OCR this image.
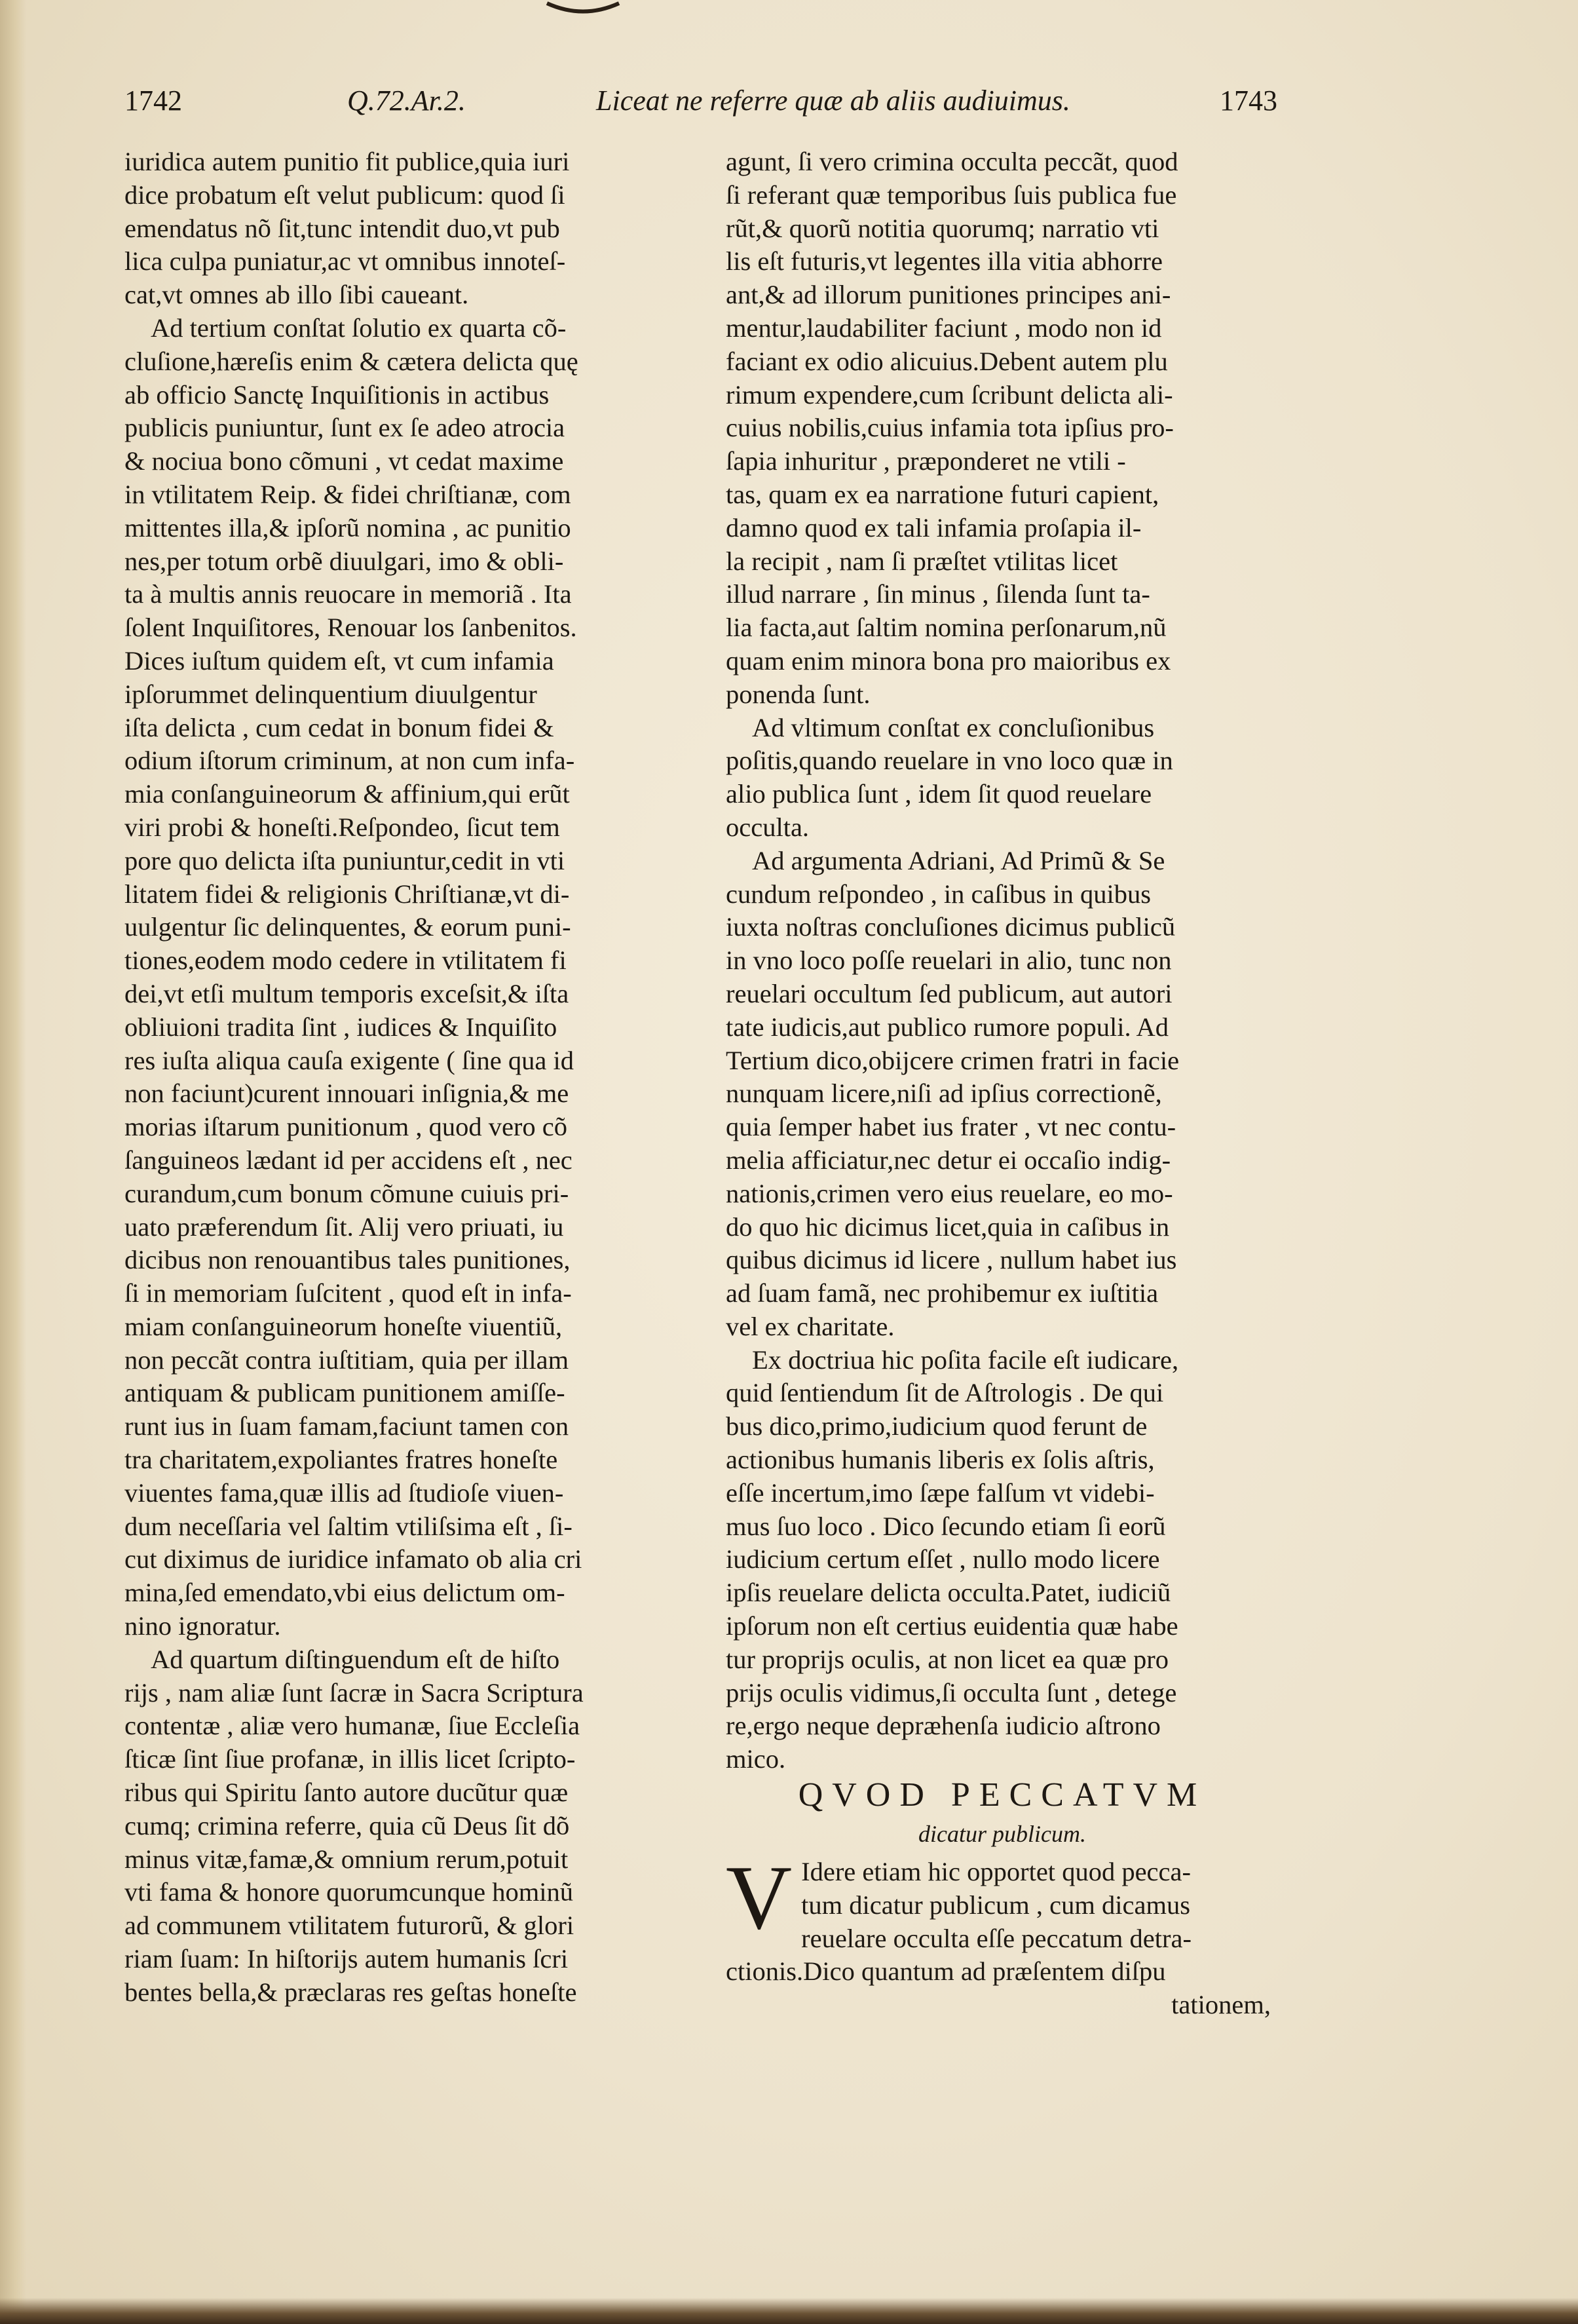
1742	Q.72.Ar.2.	Liceat ne referre quæ ab aliis audiuimus.	1743
iuridica autem punitio fit publice,quia iuri
dice probatum eſt velut publicum: quod ſi
emendatus nõ ſit,tunc intendit duo,vt pub
lica culpa puniatur,ac vt omnibus innoteſ-
cat,vt omnes ab illo ſibi caueant.
Ad tertium conſtat ſolutio ex quarta cõ-
cluſione,hæreſis enim & cætera delicta quę
ab officio Sanctę Inquiſitionis in actibus
publicis puniuntur, ſunt ex ſe adeo atrocia
& nociua bono cõmuni , vt cedat maxime
in vtilitatem Reip. & fidei chriſtianæ, com
mittentes illa,& ipſorũ nomina , ac punitio
nes,per totum orbẽ diuulgari, imo & obli-
ta à multis annis reuocare in memoriã . Ita
ſolent Inquiſitores, Renouar los ſanbenitos.
Dices iuſtum quidem eſt, vt cum infamia
ipſorummet delinquentium diuulgentur
iſta delicta , cum cedat in bonum fidei &
odium iſtorum criminum, at non cum infa-
mia conſanguineorum & affinium,qui erũt
viri probi & honeſti.Reſpondeo, ſicut tem
pore quo delicta iſta puniuntur,cedit in vti
litatem fidei & religionis Chriſtianæ,vt di-
uulgentur ſic delinquentes, & eorum puni-
tiones,eodem modo cedere in vtilitatem fi
dei,vt etſi multum temporis exceſsit,& iſta
obliuioni tradita ſint , iudices & Inquiſito
res iuſta aliqua cauſa exigente ( ſine qua id
non faciunt)curent innouari inſignia,& me
morias iſtarum punitionum , quod vero cõ
ſanguineos lædant id per accidens eſt , nec
curandum,cum bonum cõmune cuiuis pri-
uato præferendum ſit. Alij vero priuati, iu
dicibus non renouantibus tales punitiones,
ſi in memoriam ſuſcitent , quod eſt in infa-
miam conſanguineorum honeſte viuentiũ,
non peccãt contra iuſtitiam, quia per illam
antiquam & publicam punitionem amiſſe-
runt ius in ſuam famam,faciunt tamen con
tra charitatem,expoliantes fratres honeſte
viuentes fama,quæ illis ad ſtudioſe viuen-
dum neceſſaria vel ſaltim vtiliſsima eſt , ſi-
cut diximus de iuridice infamato ob alia cri
mina,ſed emendato,vbi eius delictum om-
nino ignoratur.
Ad quartum diſtinguendum eſt de hiſto
rijs , nam aliæ ſunt ſacræ in Sacra Scriptura
contentæ , aliæ vero humanæ, ſiue Eccleſia
ſticæ ſint ſiue profanæ, in illis licet ſcripto-
ribus qui Spiritu ſanto autore ducũtur quæ
cumq; crimina referre, quia cũ Deus ſit dõ
minus vitæ,famæ,& omnium rerum,potuit
vti fama & honore quorumcunque hominũ
ad communem vtilitatem futurorũ, & glori
riam ſuam: In hiſtorijs autem humanis ſcri
bentes bella,& præclaras res geſtas honeſte
agunt, ſi vero crimina occulta peccãt, quod
ſi referant quæ temporibus ſuis publica fue
rũt,& quorũ notitia quorumq; narratio vti
lis eſt futuris,vt legentes illa vitia abhorre
ant,& ad illorum punitiones principes ani-
mentur,laudabiliter faciunt , modo non id
faciant ex odio alicuius.Debent autem plu
rimum expendere,cum ſcribunt delicta ali-
cuius nobilis,cuius infamia tota ipſius pro-
ſapia inhuritur , præponderet ne vtili -
tas, quam ex ea narratione futuri capient,
damno quod ex tali infamia proſapia il-
la recipit , nam ſi præſtet vtilitas licet
illud narrare , ſin minus , ſilenda ſunt ta-
lia facta,aut ſaltim nomina perſonarum,nũ
quam enim minora bona pro maioribus ex
ponenda ſunt.
Ad vltimum conſtat ex concluſionibus
poſitis,quando reuelare in vno loco quæ in
alio publica ſunt , idem ſit quod reuelare
occulta.
Ad argumenta Adriani, Ad Primũ & Se
cundum reſpondeo , in caſibus in quibus
iuxta noſtras concluſiones dicimus publicũ
in vno loco poſſe reuelari in alio, tunc non
reuelari occultum ſed publicum, aut autori
tate iudicis,aut publico rumore populi. Ad
Tertium dico,obijcere crimen fratri in facie
nunquam licere,niſi ad ipſius correctionẽ,
quia ſemper habet ius frater , vt nec contu-
melia afficiatur,nec detur ei occaſio indig-
nationis,crimen vero eius reuelare, eo mo-
do quo hic dicimus licet,quia in caſibus in
quibus dicimus id licere , nullum habet ius
ad ſuam famã, nec prohibemur ex iuſtitia
vel ex charitate.
Ex doctriua hic poſita facile eſt iudicare,
quid ſentiendum ſit de Aſtrologis . De qui
bus dico,primo,iudicium quod ferunt de
actionibus humanis liberis ex ſolis aſtris,
eſſe incertum,imo ſæpe falſum vt videbi-
mus ſuo loco . Dico ſecundo etiam ſi eorũ
iudicium certum eſſet , nullo modo licere
ipſis reuelare delicta occulta.Patet, iudiciũ
ipſorum non eſt certius euidentia quæ habe
tur proprijs oculis, at non licet ea quæ pro
prijs oculis vidimus,ſi occulta ſunt , detege
re,ergo neque depræhenſa iudicio aſtrono
mico.
QVOD PECCATVM
dicatur publicum.
V Idere etiam hic opportet quod pecca-
tum dicatur publicum , cum dicamus
reuelare occulta eſſe peccatum detra-
ctionis.Dico quantum ad præſentem diſpu
tationem,
